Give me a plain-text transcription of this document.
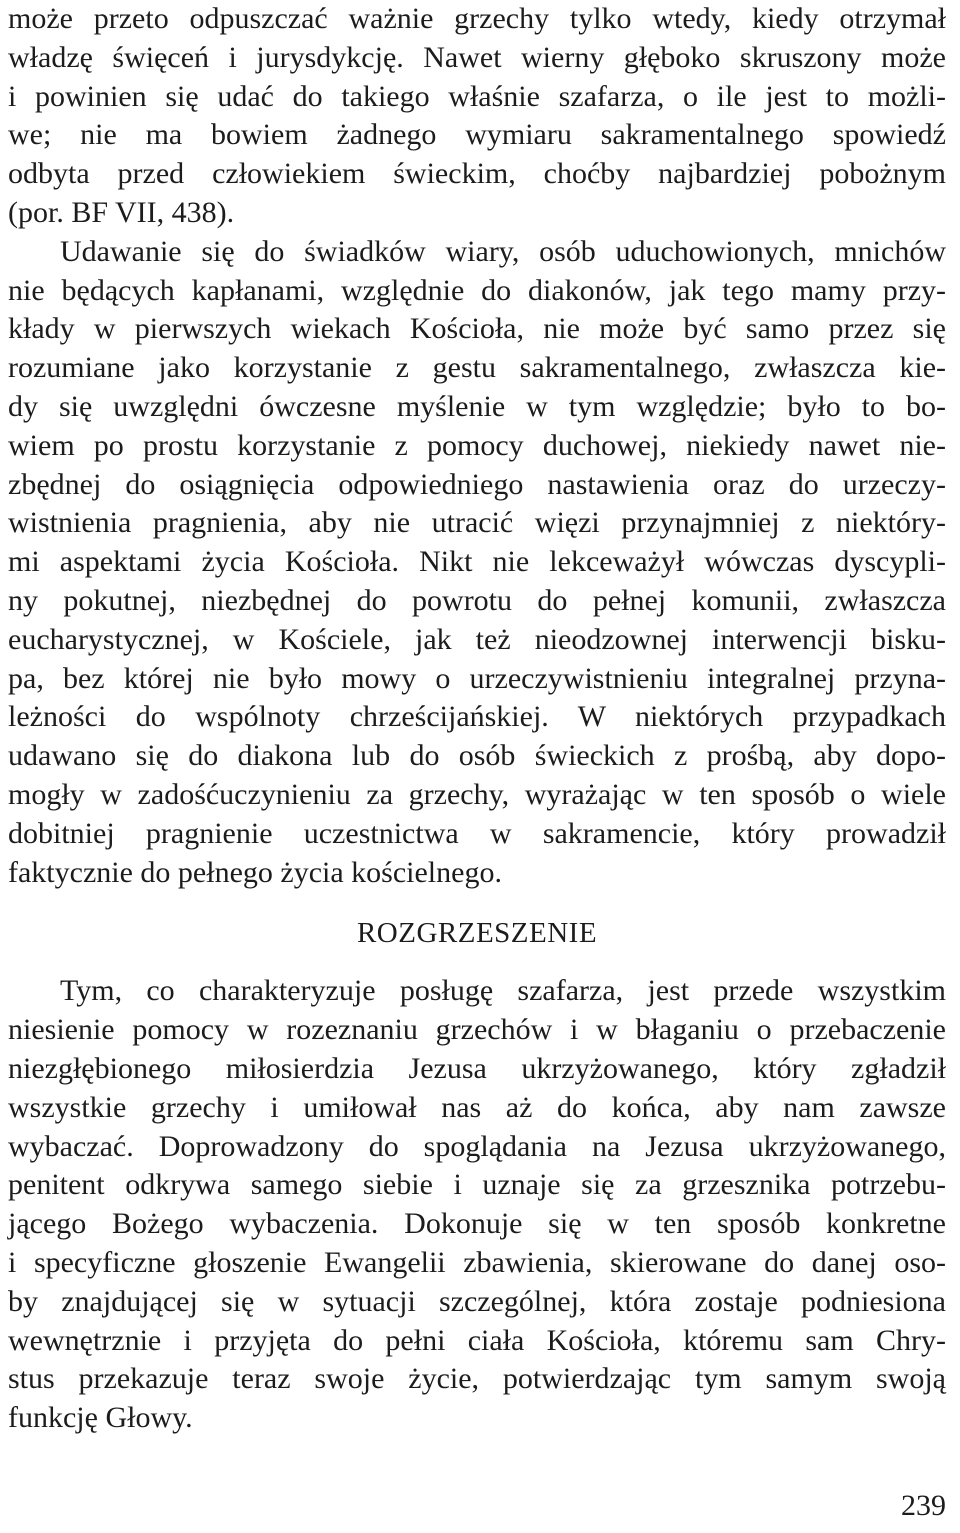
może przeto odpuszczać ważnie grzechy tylko wtedy, kiedy otrzymał
władzę święceń i jurysdykcję. Nawet wierny głęboko skruszony może
i powinien się udać do takiego właśnie szafarza, o ile jest to możli-
we; nie ma bowiem żadnego wymiaru sakramentalnego spowiedź
odbyta przed człowiekiem świeckim, choćby najbardziej pobożnym
(por. BF VII, 438).
Udawanie się do świadków wiary, osób uduchowionych, mnichów
nie będących kapłanami, względnie do diakonów, jak tego mamy przy-
kłady w pierwszych wiekach Kościoła, nie może być samo przez się
rozumiane jako korzystanie z gestu sakramentalnego, zwłaszcza kie-
dy się uwzględni ówczesne myślenie w tym względzie; było to bo-
wiem po prostu korzystanie z pomocy duchowej, niekiedy nawet nie-
zbędnej do osiągnięcia odpowiedniego nastawienia oraz do urzeczy-
wistnienia pragnienia, aby nie utracić więzi przynajmniej z niektóry-
mi aspektami życia Kościoła. Nikt nie lekceważył wówczas dyscypli-
ny pokutnej, niezbędnej do powrotu do pełnej komunii, zwłaszcza
eucharystycznej, w Kościele, jak też nieodzownej interwencji bisku-
pa, bez której nie było mowy o urzeczywistnieniu integralnej przyna-
leżności do wspólnoty chrześcijańskiej. W niektórych przypadkach
udawano się do diakona lub do osób świeckich z prośbą, aby dopo-
mogły w zadośćuczynieniu za grzechy, wyrażając w ten sposób o wiele
dobitniej pragnienie uczestnictwa w sakramencie, który prowadził
faktycznie do pełnego życia kościelnego.
ROZGRZESZENIE
Tym, co charakteryzuje posługę szafarza, jest przede wszystkim
niesienie pomocy w rozeznaniu grzechów i w błaganiu o przebaczenie
niezgłębionego miłosierdzia Jezusa ukrzyżowanego, który zgładził
wszystkie grzechy i umiłował nas aż do końca, aby nam zawsze
wybaczać. Doprowadzony do spoglądania na Jezusa ukrzyżowanego,
penitent odkrywa samego siebie i uznaje się za grzesznika potrzebu-
jącego Bożego wybaczenia. Dokonuje się w ten sposób konkretne
i specyficzne głoszenie Ewangelii zbawienia, skierowane do danej oso-
by znajdującej się w sytuacji szczególnej, która zostaje podniesiona
wewnętrznie i przyjęta do pełni ciała Kościoła, któremu sam Chry-
stus przekazuje teraz swoje życie, potwierdzając tym samym swoją
funkcję Głowy.
239
